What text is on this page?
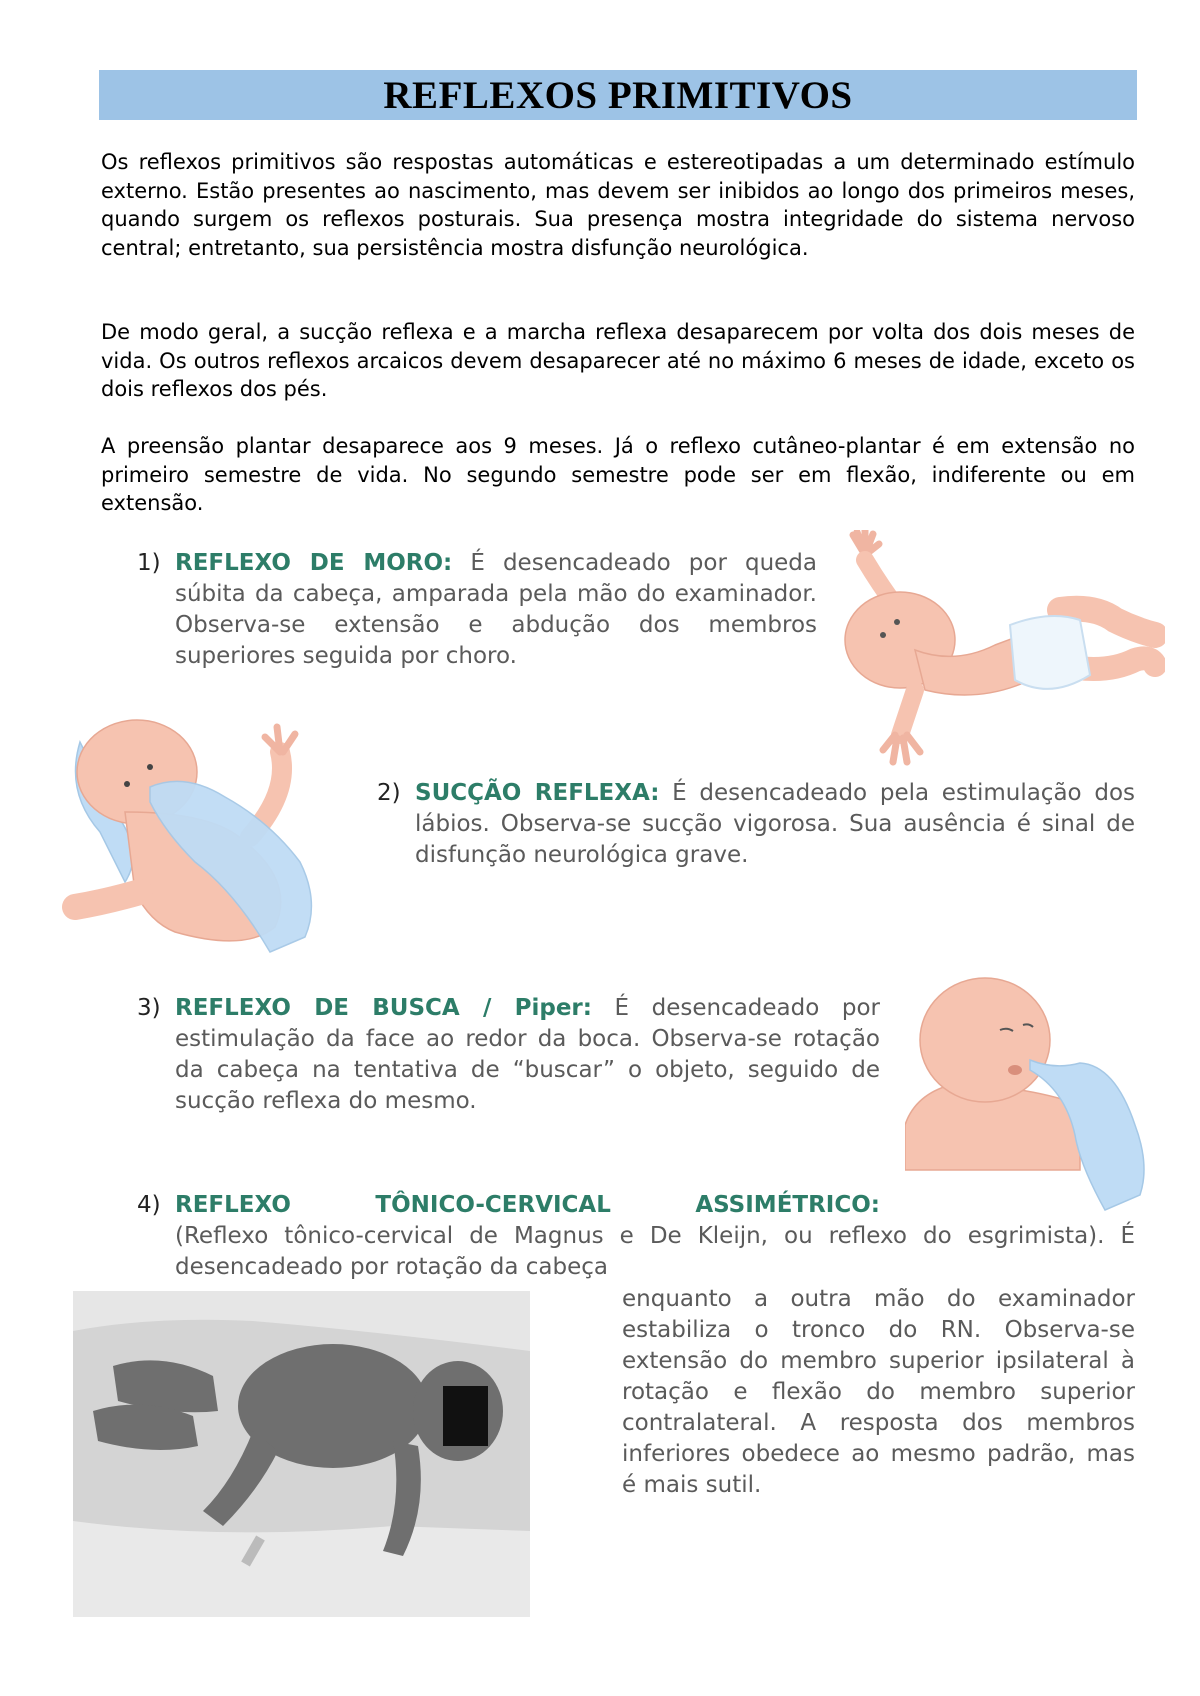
REFLEXOS PRIMITIVOS

Os reflexos primitivos são respostas automáticas e estereotipadas a um determinado estímulo externo. Estão presentes ao nascimento, mas devem ser inibidos ao longo dos primeiros meses, quando surgem os reflexos posturais. Sua presença mostra integridade do sistema nervoso central; entretanto, sua persistência mostra disfunção neurológica.

De modo geral, a sucção reflexa e a marcha reflexa desaparecem por volta dos dois meses de vida. Os outros reflexos arcaicos devem desaparecer até no máximo 6 meses de idade, exceto os dois reflexos dos pés.

A preensão plantar desaparece aos 9 meses. Já o reflexo cutâneo-plantar é em extensão no primeiro semestre de vida. No segundo semestre pode ser em flexão, indiferente ou em extensão.

1) REFLEXO DE MORO: É desencadeado por queda súbita da cabeça, amparada pela mão do examinador. Observa-se extensão e abdução dos membros superiores seguida por choro.
2) SUCÇÃO REFLEXA: É desencadeado pela estimulação dos lábios. Observa-se sucção vigorosa. Sua ausência é sinal de disfunção neurológica grave.
3) REFLEXO DE BUSCA / Piper: É desencadeado por estimulação da face ao redor da boca. Observa-se rotação da cabeça na tentativa de “buscar” o objeto, seguido de sucção reflexa do mesmo.
4) REFLEXO TÔNICO-CERVICAL ASSIMÉTRICO:
(Reflexo tônico-cervical de Magnus e De Kleijn, ou reflexo do esgrimista). É desencadeado por rotação da cabeça
enquanto a outra mão do examinador estabiliza o tronco do RN. Observa-se extensão do membro superior ipsilateral à rotação e flexão do membro superior contralateral. A resposta dos membros inferiores obedece ao mesmo padrão, mas é mais sutil.
